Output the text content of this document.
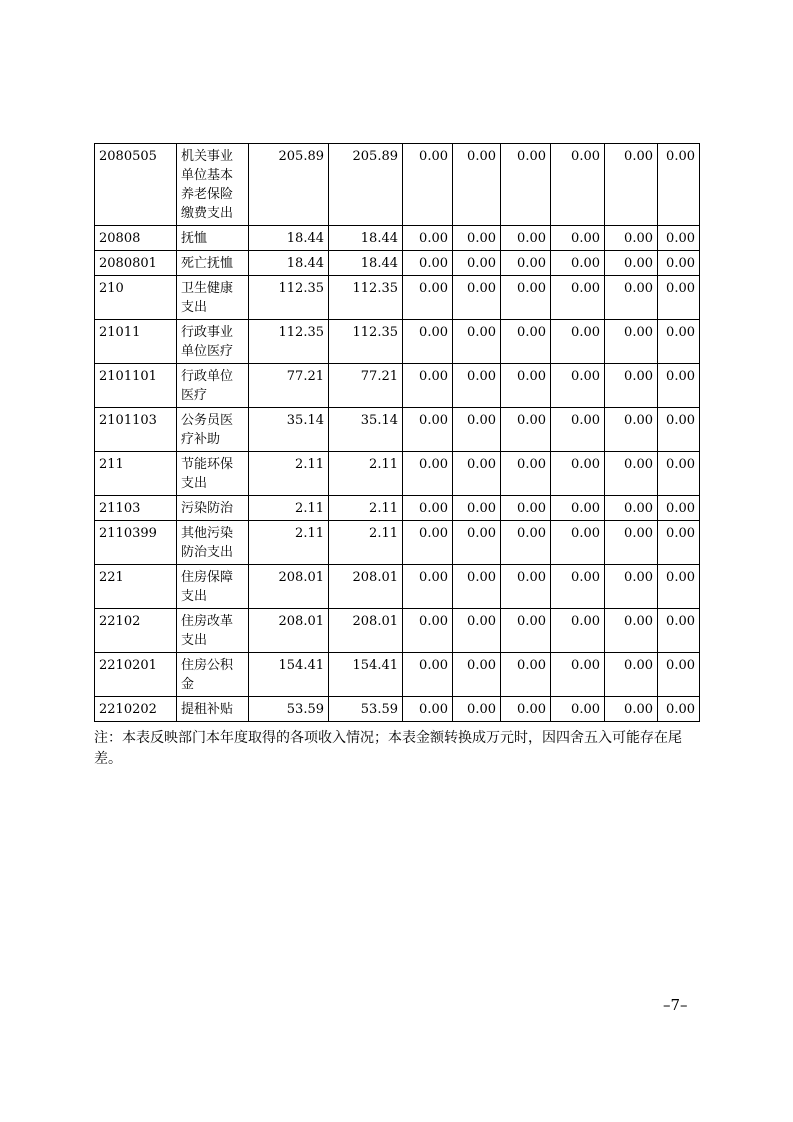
2080505	机关事业单位基本养老保险缴费支出	205.89	205.89	0.00	0.00	0.00	0.00	0.00	0.00
20808	抚恤	18.44	18.44	0.00	0.00	0.00	0.00	0.00	0.00
2080801	死亡抚恤	18.44	18.44	0.00	0.00	0.00	0.00	0.00	0.00
210	卫生健康支出	112.35	112.35	0.00	0.00	0.00	0.00	0.00	0.00
21011	行政事业单位医疗	112.35	112.35	0.00	0.00	0.00	0.00	0.00	0.00
2101101	行政单位医疗	77.21	77.21	0.00	0.00	0.00	0.00	0.00	0.00
2101103	公务员医疗补助	35.14	35.14	0.00	0.00	0.00	0.00	0.00	0.00
211	节能环保支出	2.11	2.11	0.00	0.00	0.00	0.00	0.00	0.00
21103	污染防治	2.11	2.11	0.00	0.00	0.00	0.00	0.00	0.00
2110399	其他污染防治支出	2.11	2.11	0.00	0.00	0.00	0.00	0.00	0.00
221	住房保障支出	208.01	208.01	0.00	0.00	0.00	0.00	0.00	0.00
22102	住房改革支出	208.01	208.01	0.00	0.00	0.00	0.00	0.00	0.00
2210201	住房公积金	154.41	154.41	0.00	0.00	0.00	0.00	0.00	0.00
2210202	提租补贴	53.59	53.59	0.00	0.00	0.00	0.00	0.00	0.00
注：本表反映部门本年度取得的各项收入情况；本表金额转换成万元时，因四舍五入可能存在尾差。
–7–
